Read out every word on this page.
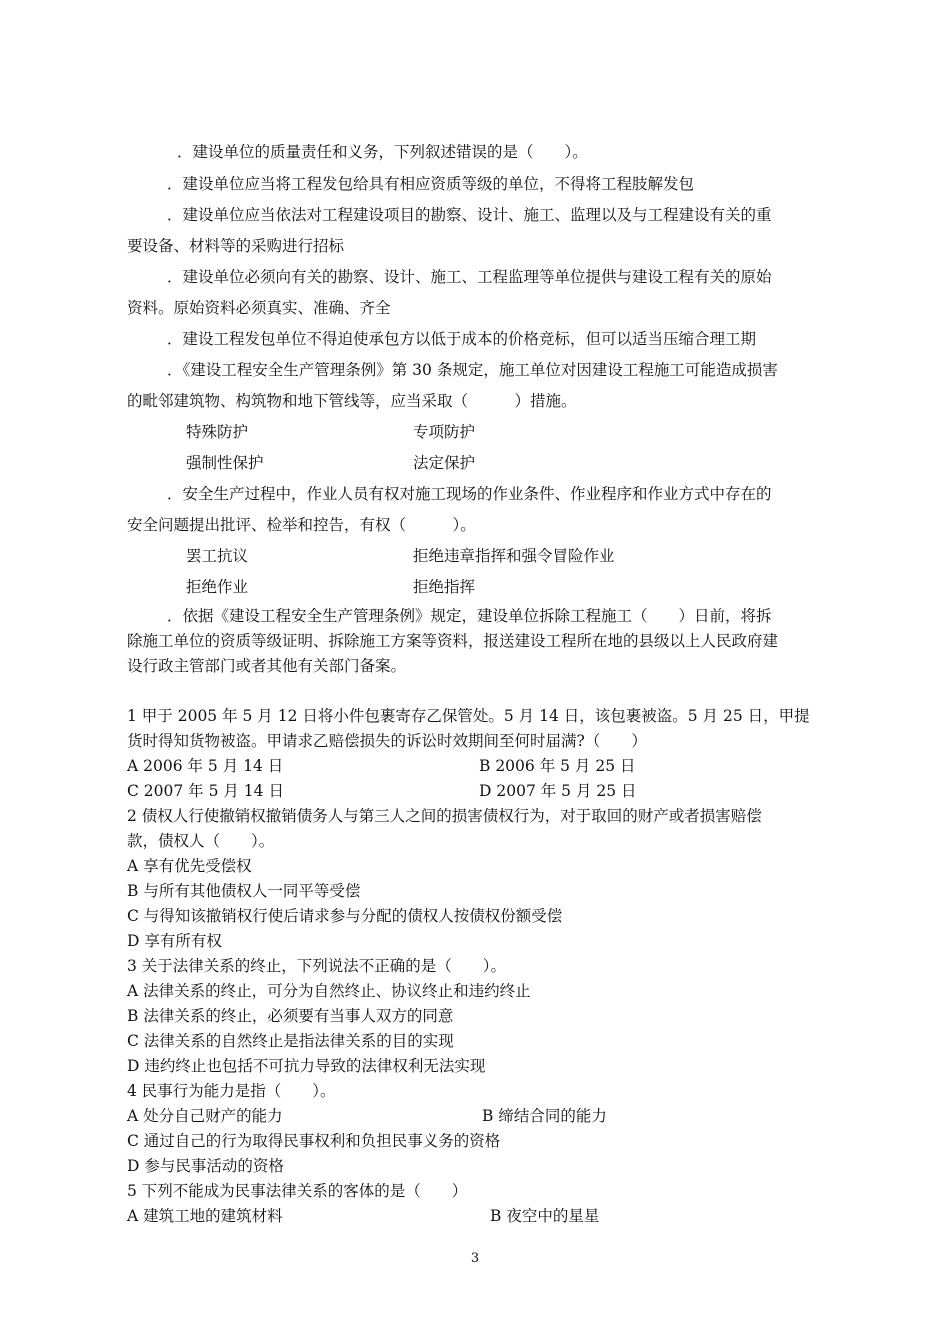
．建设单位的质量责任和义务，下列叙述错误的是（　　）。
．建设单位应当将工程发包给具有相应资质等级的单位，不得将工程肢解发包
．建设单位应当依法对工程建设项目的勘察、设计、施工、监理以及与工程建设有关的重
要设备、材料等的采购进行招标
．建设单位必须向有关的勘察、设计、施工、工程监理等单位提供与建设工程有关的原始
资料。原始资料必须真实、准确、齐全
．建设工程发包单位不得迫使承包方以低于成本的价格竞标，但可以适当压缩合理工期
．《建设工程安全生产管理条例》第 30 条规定，施工单位对因建设工程施工可能造成损害
的毗邻建筑物、构筑物和地下管线等，应当采取（　　　）措施。
特殊防护	专项防护
强制性保护	法定保护
．安全生产过程中，作业人员有权对施工现场的作业条件、作业程序和作业方式中存在的
安全问题提出批评、检举和控告，有权（　　　）。
罢工抗议	拒绝违章指挥和强令冒险作业
拒绝作业	拒绝指挥
．依据《建设工程安全生产管理条例》规定，建设单位拆除工程施工（　　）日前，将拆
除施工单位的资质等级证明、拆除施工方案等资料，报送建设工程所在地的县级以上人民政府建
设行政主管部门或者其他有关部门备案。
1 甲于 2005 年 5 月 12 日将小件包裹寄存乙保管处。5 月 14 日，该包裹被盗。5 月 25 日，甲提
货时得知货物被盗。甲请求乙赔偿损失的诉讼时效期间至何时届满?（　　）
A 2006 年 5 月 14 日	B 2006 年 5 月 25 日
C 2007 年 5 月 14 日	D 2007 年 5 月 25 日
2 债权人行使撤销权撤销债务人与第三人之间的损害债权行为，对于取回的财产或者损害赔偿
款，债权人（　　）。
A 享有优先受偿权
B 与所有其他债权人一同平等受偿
C 与得知该撤销权行使后请求参与分配的债权人按债权份额受偿
D 享有所有权
3 关于法律关系的终止，下列说法不正确的是（　　）。
A 法律关系的终止，可分为自然终止、协议终止和违约终止
B 法律关系的终止，必须要有当事人双方的同意
C 法律关系的自然终止是指法律关系的目的实现
D 违约终止也包括不可抗力导致的法律权利无法实现
4 民事行为能力是指（　　）。
A 处分自己财产的能力	B 缔结合同的能力
C 通过自己的行为取得民事权利和负担民事义务的资格
D 参与民事活动的资格
5 下列不能成为民事法律关系的客体的是（　　）
A 建筑工地的建筑材料	B 夜空中的星星
3
